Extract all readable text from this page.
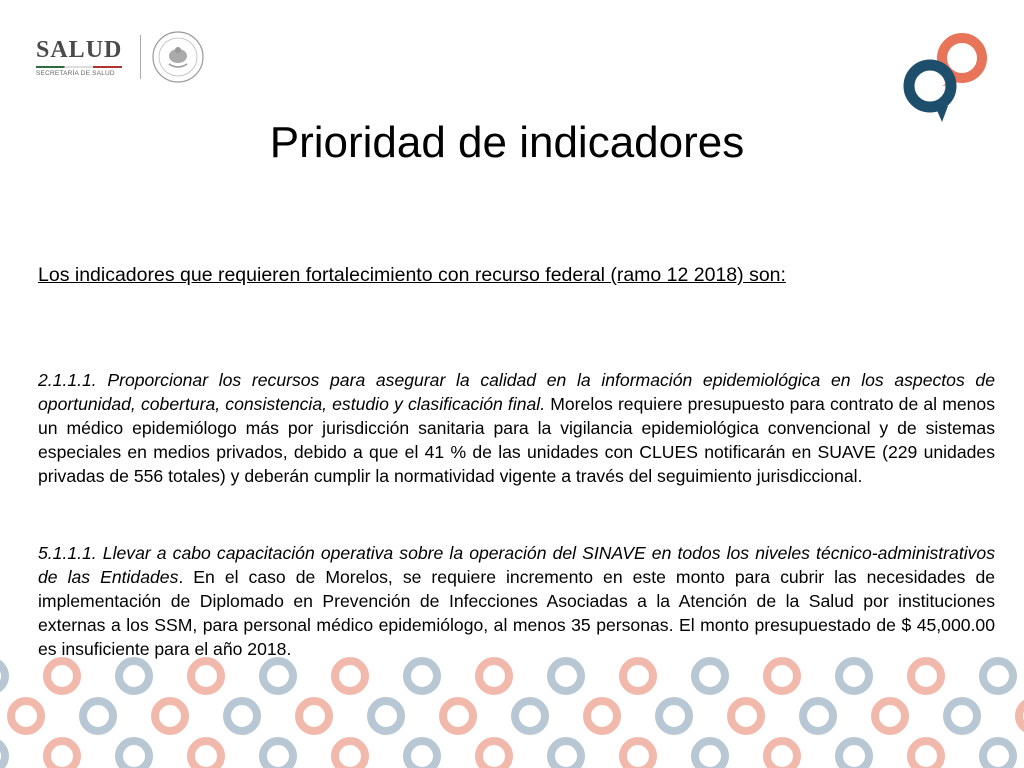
SALUD
SECRETARÍA DE SALUD
Prioridad de indicadores
Los indicadores que requieren fortalecimiento con recurso federal (ramo 12 2018) son:

2.1.1.1. Proporcionar los recursos para asegurar la calidad en la información epidemiológica en los aspectos de oportunidad, cobertura, consistencia, estudio y clasificación final. Morelos requiere presupuesto para contrato de al menos un médico epidemiólogo más por jurisdicción sanitaria para la vigilancia epidemiológica convencional y de sistemas especiales en medios privados, debido a que el 41 % de las unidades con CLUES notificarán en SUAVE (229 unidades privadas de 556 totales) y deberán cumplir la normatividad vigente a través del seguimiento jurisdiccional.

5.1.1.1. Llevar a cabo capacitación operativa sobre la operación del SINAVE en todos los niveles técnico-administrativos de las Entidades. En el caso de Morelos, se requiere incremento en este monto para cubrir las necesidades de implementación de Diplomado en Prevención de Infecciones Asociadas a la Atención de la Salud por instituciones externas a los SSM, para personal médico epidemiólogo, al menos 35 personas. El monto presupuestado de $ 45,000.00 es insuficiente para el año 2018.
